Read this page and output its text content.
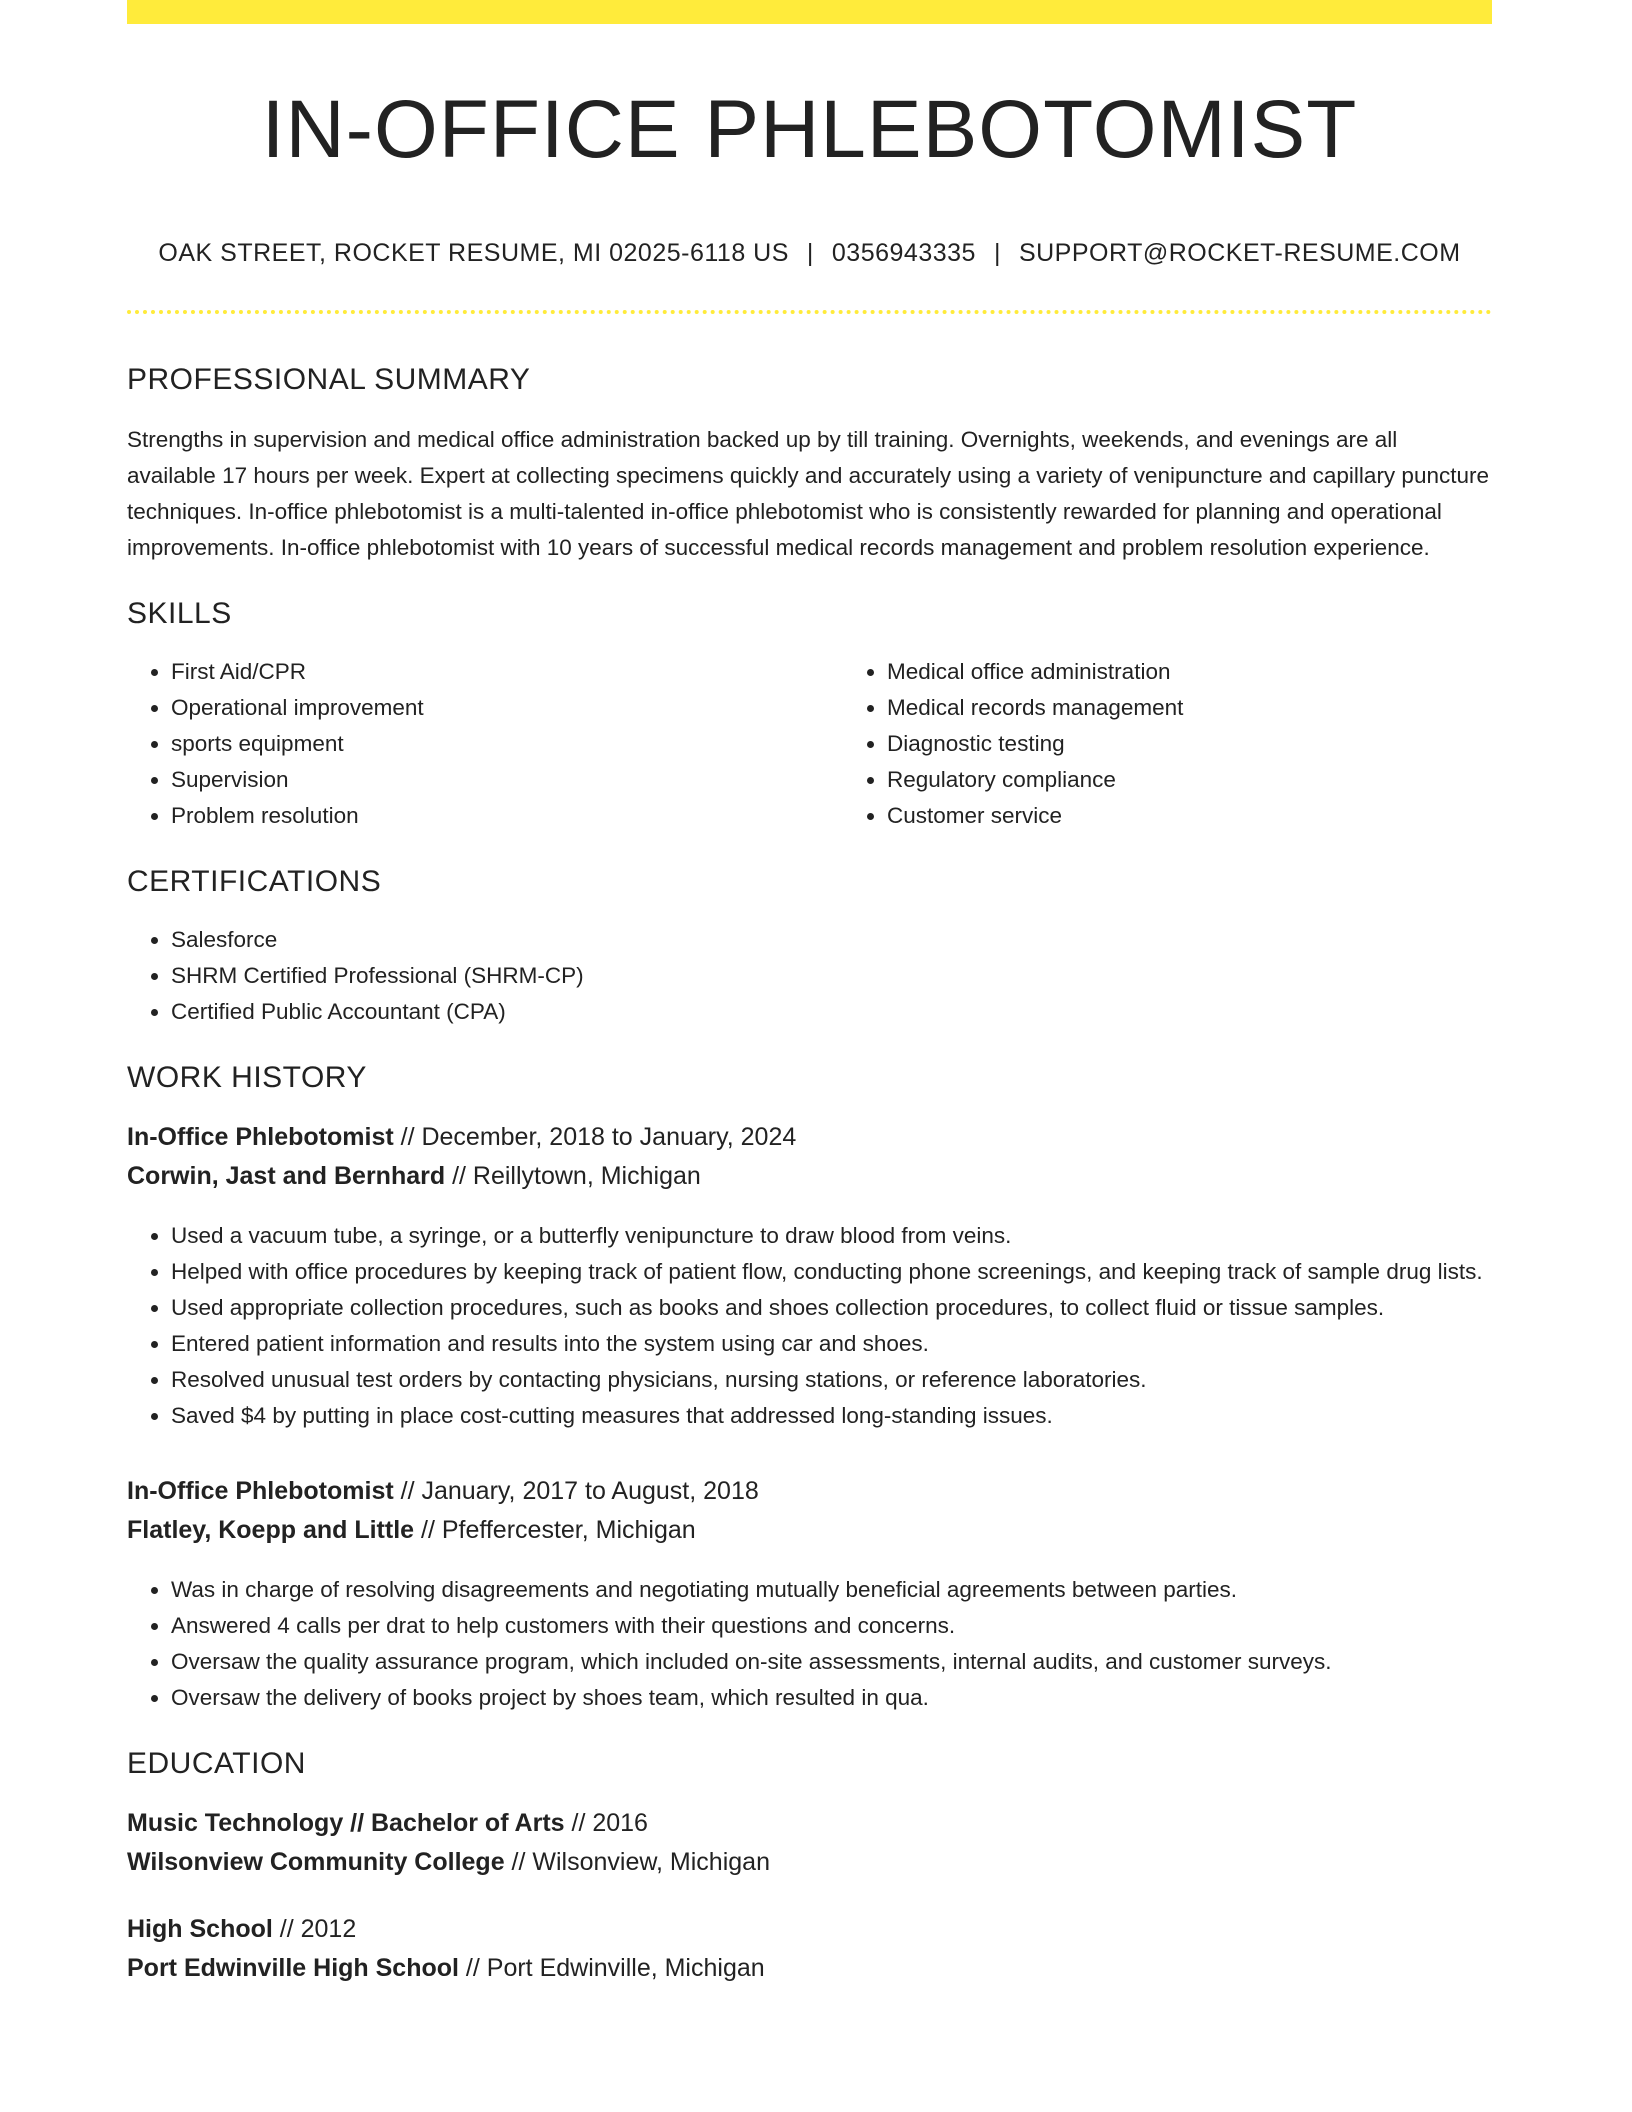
IN-OFFICE PHLEBOTOMIST
OAK STREET, ROCKET RESUME, MI 02025-6118 US | 0356943335 | SUPPORT@ROCKET-RESUME.COM
PROFESSIONAL SUMMARY

Strengths in supervision and medical office administration backed up by till training. Overnights, weekends, and evenings are all available 17 hours per week. Expert at collecting specimens quickly and accurately using a variety of venipuncture and capillary puncture techniques. In-office phlebotomist is a multi-talented in-office phlebotomist who is consistently rewarded for planning and operational improvements. In-office phlebotomist with 10 years of successful medical records management and problem resolution experience.

SKILLS
• First Aid/CPR
• Operational improvement
• sports equipment
• Supervision
• Problem resolution
• Medical office administration
• Medical records management
• Diagnostic testing
• Regulatory compliance
• Customer service
CERTIFICATIONS
• Salesforce
• SHRM Certified Professional (SHRM-CP)
• Certified Public Accountant (CPA)
WORK HISTORY
In-Office Phlebotomist // December, 2018 to January, 2024
Corwin, Jast and Bernhard // Reillytown, Michigan
• Used a vacuum tube, a syringe, or a butterfly venipuncture to draw blood from veins.
• Helped with office procedures by keeping track of patient flow, conducting phone screenings, and keeping track of sample drug lists.
• Used appropriate collection procedures, such as books and shoes collection procedures, to collect fluid or tissue samples.
• Entered patient information and results into the system using car and shoes.
• Resolved unusual test orders by contacting physicians, nursing stations, or reference laboratories.
• Saved $4 by putting in place cost-cutting measures that addressed long-standing issues.
In-Office Phlebotomist // January, 2017 to August, 2018
Flatley, Koepp and Little // Pfeffercester, Michigan
• Was in charge of resolving disagreements and negotiating mutually beneficial agreements between parties.
• Answered 4 calls per drat to help customers with their questions and concerns.
• Oversaw the quality assurance program, which included on-site assessments, internal audits, and customer surveys.
• Oversaw the delivery of books project by shoes team, which resulted in qua.
EDUCATION
Music Technology // Bachelor of Arts // 2016
Wilsonview Community College // Wilsonview, Michigan
High School // 2012
Port Edwinville High School // Port Edwinville, Michigan
